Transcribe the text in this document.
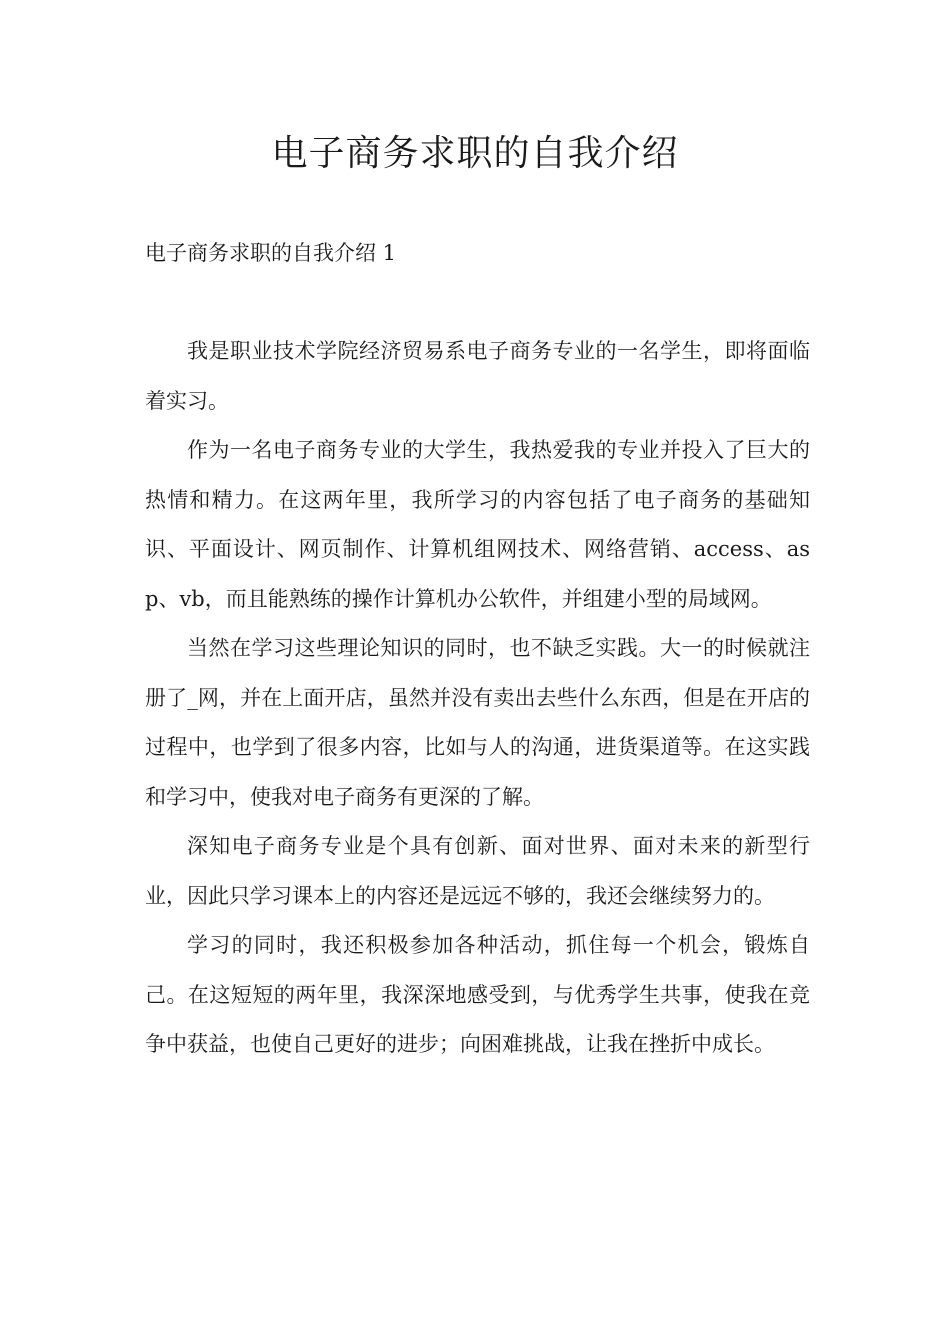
电子商务求职的自我介绍

电子商务求职的自我介绍 1

我是职业技术学院经济贸易系电子商务专业的一名学生，即将面临着实习。

作为一名电子商务专业的大学生，我热爱我的专业并投入了巨大的热情和精力。在这两年里，我所学习的内容包括了电子商务的基础知识、平面设计、网页制作、计算机组网技术、网络营销、access、asp、vb，而且能熟练的操作计算机办公软件，并组建小型的局域网。

当然在学习这些理论知识的同时，也不缺乏实践。大一的时候就注册了_网，并在上面开店，虽然并没有卖出去些什么东西，但是在开店的过程中，也学到了很多内容，比如与人的沟通，进货渠道等。在这实践和学习中，使我对电子商务有更深的了解。

深知电子商务专业是个具有创新、面对世界、面对未来的新型行业，因此只学习课本上的内容还是远远不够的，我还会继续努力的。

学习的同时，我还积极参加各种活动，抓住每一个机会，锻炼自己。在这短短的两年里，我深深地感受到，与优秀学生共事，使我在竞争中获益，也使自己更好的进步；向困难挑战，让我在挫折中成长。
